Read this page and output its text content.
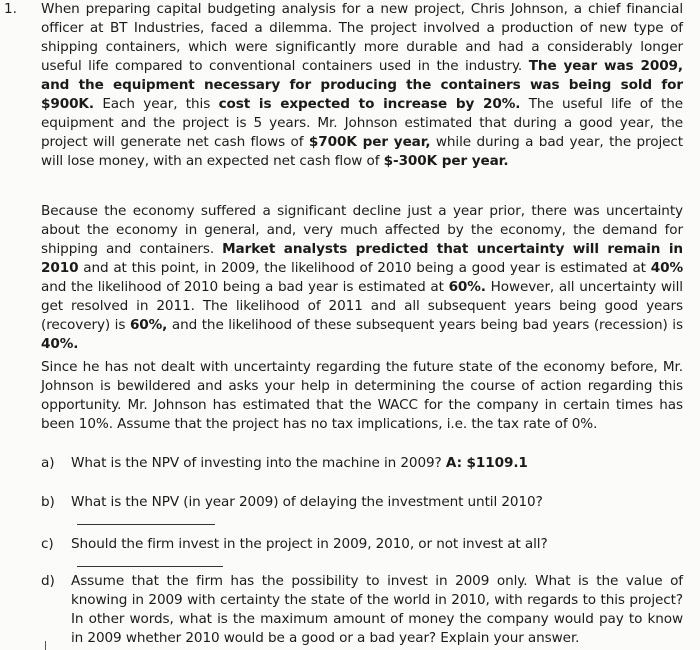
1. When preparing capital budgeting analysis for a new project, Chris Johnson, a chief financial officer at BT Industries, faced a dilemma. The project involved a production of new type of shipping containers, which were significantly more durable and had a considerably longer useful life compared to conventional containers used in the industry. The year was 2009, and the equipment necessary for producing the containers was being sold for $900K. Each year, this cost is expected to increase by 20%. The useful life of the equipment and the project is 5 years. Mr. Johnson estimated that during a good year, the project will generate net cash flows of $700K per year, while during a bad year, the project will lose money, with an expected net cash flow of $-300K per year.
Because the economy suffered a significant decline just a year prior, there was uncertainty about the economy in general, and, very much affected by the economy, the demand for shipping and containers. Market analysts predicted that uncertainty will remain in 2010 and at this point, in 2009, the likelihood of 2010 being a good year is estimated at 40% and the likelihood of 2010 being a bad year is estimated at 60%. However, all uncertainty will get resolved in 2011. The likelihood of 2011 and all subsequent years being good years (recovery) is 60%, and the likelihood of these subsequent years being bad years (recession) is 40%.
Since he has not dealt with uncertainty regarding the future state of the economy before, Mr. Johnson is bewildered and asks your help in determining the course of action regarding this opportunity. Mr. Johnson has estimated that the WACC for the company in certain times has been 10%. Assume that the project has no tax implications, i.e. the tax rate of 0%.
a) What is the NPV of investing into the machine in 2009? A: $1109.1
b) What is the NPV (in year 2009) of delaying the investment until 2010?
c) Should the firm invest in the project in 2009, 2010, or not invest at all?
d) Assume that the firm has the possibility to invest in 2009 only. What is the value of knowing in 2009 with certainty the state of the world in 2010, with regards to this project? In other words, what is the maximum amount of money the company would pay to know in 2009 whether 2010 would be a good or a bad year? Explain your answer.
